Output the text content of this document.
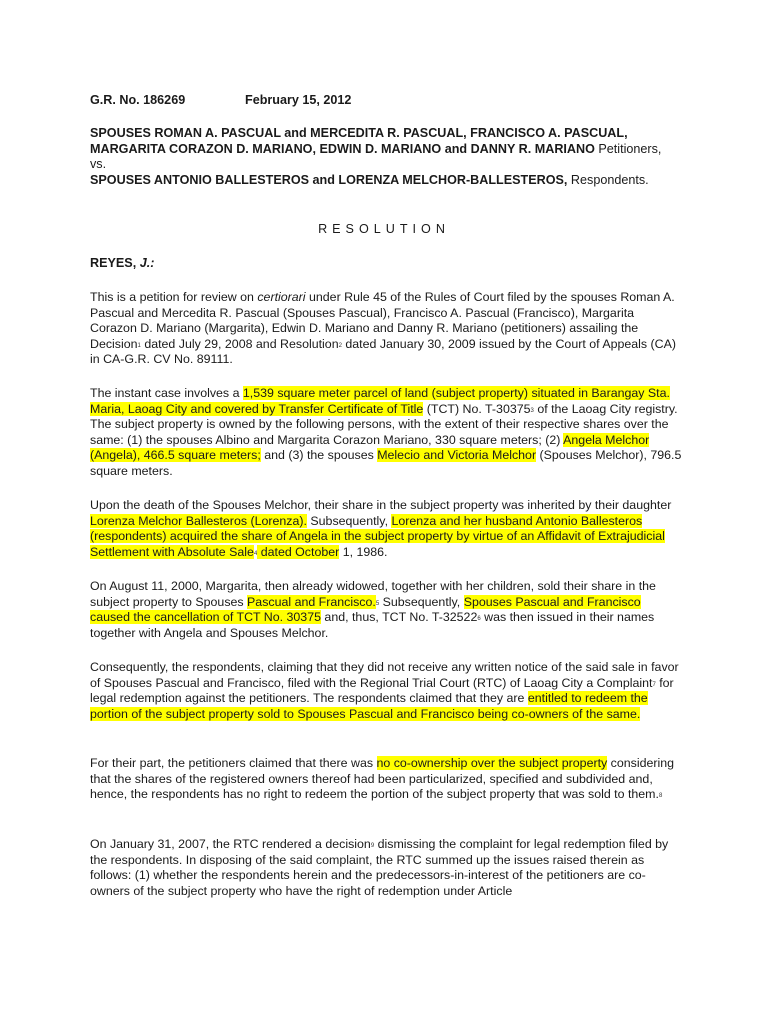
G.R. No. 186269	February 15, 2012
SPOUSES ROMAN A. PASCUAL and MERCEDITA R. PASCUAL, FRANCISCO A. PASCUAL, MARGARITA CORAZON D. MARIANO, EDWIN D. MARIANO and DANNY R. MARIANO Petitioners,
vs.
SPOUSES ANTONIO BALLESTEROS and LORENZA MELCHOR-BALLESTEROS, Respondents.
RESOLUTION
REYES, J.:

This is a petition for review on certiorari under Rule 45 of the Rules of Court filed by the spouses Roman A. Pascual and Mercedita R. Pascual (Spouses Pascual), Francisco A. Pascual (Francisco), Margarita Corazon D. Mariano (Margarita), Edwin D. Mariano and Danny R. Mariano (petitioners) assailing the Decision$^1$ dated July 29, 2008 and Resolution$^2$ dated January 30, 2009 issued by the Court of Appeals (CA) in CA-G.R. CV No. 89111.

The instant case involves a 1,539 square meter parcel of land (subject property) situated in Barangay Sta. Maria, Laoag City and covered by Transfer Certificate of Title (TCT) No. T-30375$^3$ of the Laoag City registry. The subject property is owned by the following persons, with the extent of their respective shares over the same: (1) the spouses Albino and Margarita Corazon Mariano, 330 square meters; (2) Angela Melchor (Angela), 466.5 square meters; and (3) the spouses Melecio and Victoria Melchor (Spouses Melchor), 796.5 square meters.

Upon the death of the Spouses Melchor, their share in the subject property was inherited by their daughter Lorenza Melchor Ballesteros (Lorenza). Subsequently, Lorenza and her husband Antonio Ballesteros (respondents) acquired the share of Angela in the subject property by virtue of an Affidavit of Extrajudicial Settlement with Absolute Sale$^4$ dated October 1, 1986.

On August 11, 2000, Margarita, then already widowed, together with her children, sold their share in the subject property to Spouses Pascual and Francisco.$^5$ Subsequently, Spouses Pascual and Francisco caused the cancellation of TCT No. 30375 and, thus, TCT No. T-32522$^6$ was then issued in their names together with Angela and Spouses Melchor.

Consequently, the respondents, claiming that they did not receive any written notice of the said sale in favor of Spouses Pascual and Francisco, filed with the Regional Trial Court (RTC) of Laoag City a Complaint$^7$ for legal redemption against the petitioners. The respondents claimed that they are entitled to redeem the portion of the subject property sold to Spouses Pascual and Francisco being co-owners of the same.

For their part, the petitioners claimed that there was no co-ownership over the subject property considering that the shares of the registered owners thereof had been particularized, specified and subdivided and, hence, the respondents has no right to redeem the portion of the subject property that was sold to them.$^8$

On January 31, 2007, the RTC rendered a decision$^9$ dismissing the complaint for legal redemption filed by the respondents. In disposing of the said complaint, the RTC summed up the issues raised therein as follows: (1) whether the respondents herein and the predecessors-in-interest of the petitioners are co-owners of the subject property who have the right of redemption under Article
